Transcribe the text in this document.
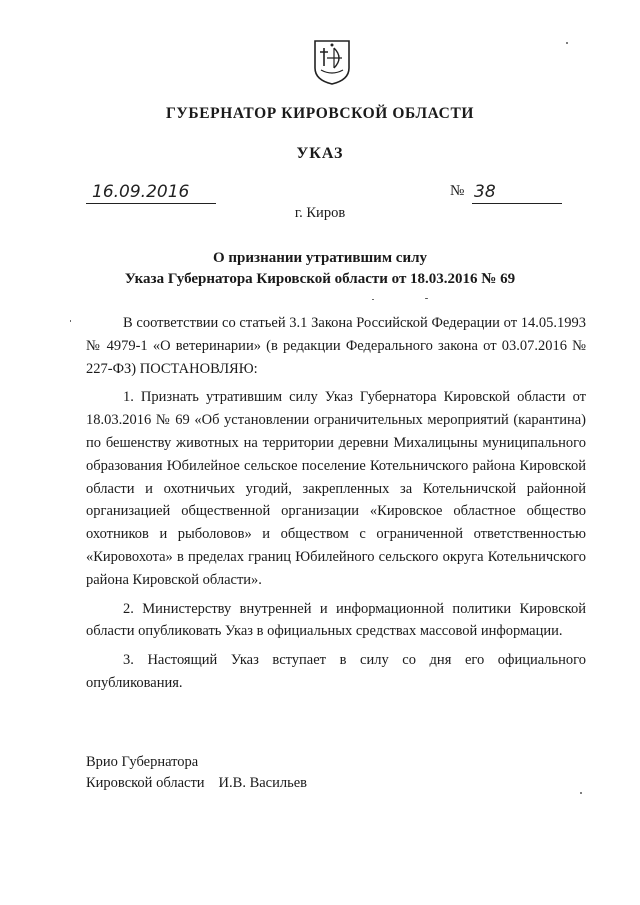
ГУБЕРНАТОР КИРОВСКОЙ ОБЛАСТИ
УКАЗ
16.09.2016	№ 38
г. Киров
О признании утратившим силу
Указа Губернатора Кировской области от 18.03.2016 № 69

В соответствии со статьей 3.1 Закона Российской Федерации от 14.05.1993 № 4979-1 «О ветеринарии» (в редакции Федерального закона от 03.07.2016 № 227-ФЗ) ПОСТАНОВЛЯЮ:

1. Признать утратившим силу Указ Губернатора Кировской области от 18.03.2016 № 69 «Об установлении ограничительных мероприятий (карантина) по бешенству животных на территории деревни Михалицыны муниципального образования Юбилейное сельское поселение Котельничского района Кировской области и охотничьих угодий, закрепленных за Котельничской районной организацией общественной организации «Кировское областное общество охотников и рыболовов» и обществом с ограниченной ответственностью «Кировохота» в пределах границ Юбилейного сельского округа Котельничского района Кировской области».

2. Министерству внутренней и информационной политики Кировской области опубликовать Указ в официальных средствах массовой информации.

3. Настоящий Указ вступает в силу со дня его официального опубликования.

Врио Губернатора
Кировской области И.В. Васильев
